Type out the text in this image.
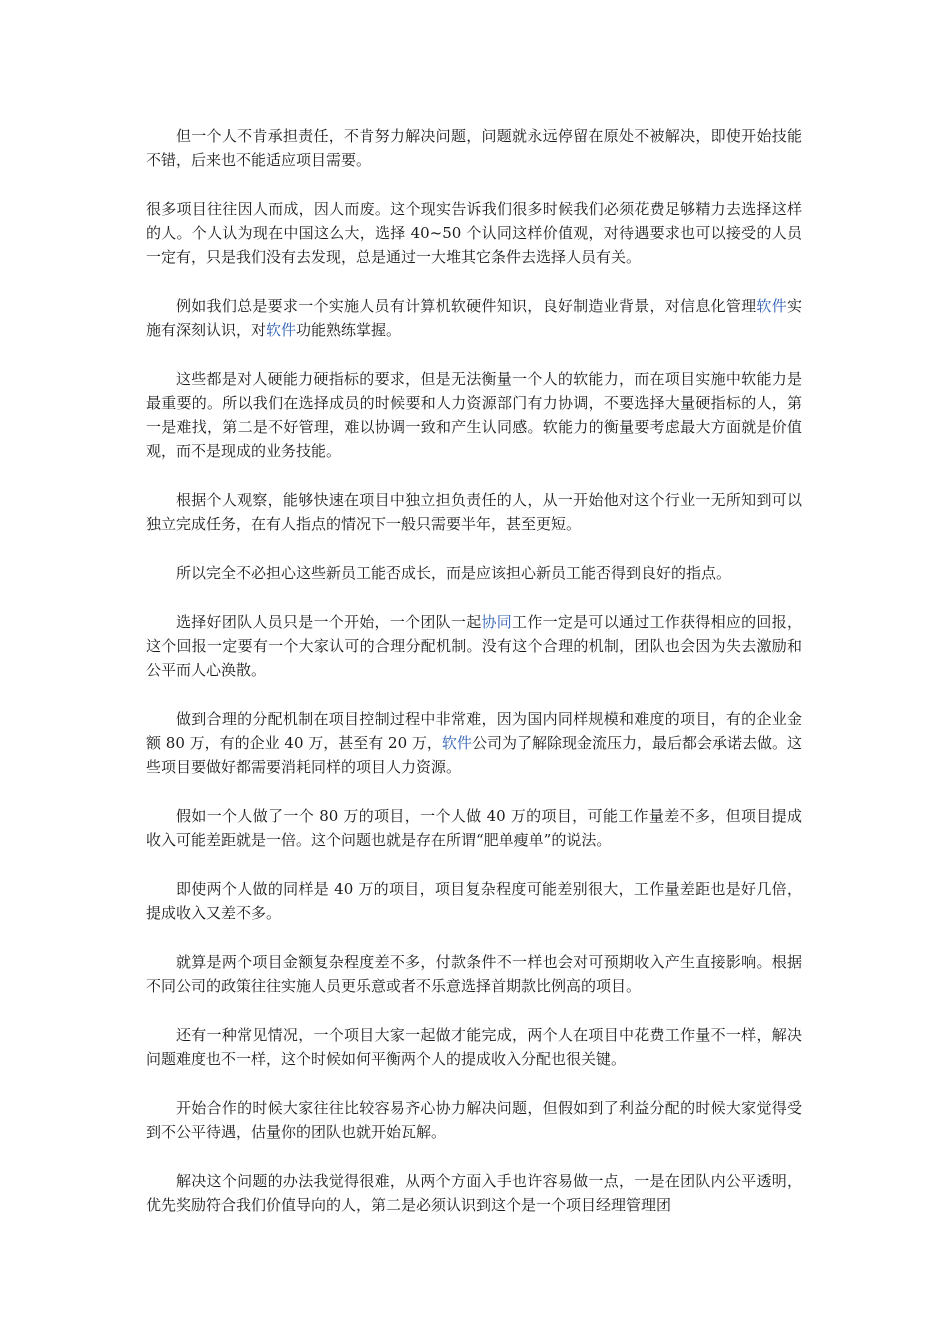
但一个人不肯承担责任，不肯努力解决问题，问题就永远停留在原处不被解决，即使开始技能不错，后来也不能适应项目需要。

很多项目往往因人而成，因人而废。这个现实告诉我们很多时候我们必须花费足够精力去选择这样的人。个人认为现在中国这么大，选择 40~50 个认同这样价值观，对待遇要求也可以接受的人员一定有，只是我们没有去发现，总是通过一大堆其它条件去选择人员有关。

例如我们总是要求一个实施人员有计算机软硬件知识，良好制造业背景，对信息化管理软件实施有深刻认识，对软件功能熟练掌握。

这些都是对人硬能力硬指标的要求，但是无法衡量一个人的软能力，而在项目实施中软能力是最重要的。所以我们在选择成员的时候要和人力资源部门有力协调，不要选择大量硬指标的人，第一是难找，第二是不好管理，难以协调一致和产生认同感。软能力的衡量要考虑最大方面就是价值观，而不是现成的业务技能。

根据个人观察，能够快速在项目中独立担负责任的人，从一开始他对这个行业一无所知到可以独立完成任务，在有人指点的情况下一般只需要半年，甚至更短。

所以完全不必担心这些新员工能否成长，而是应该担心新员工能否得到良好的指点。

选择好团队人员只是一个开始，一个团队一起协同工作一定是可以通过工作获得相应的回报，这个回报一定要有一个大家认可的合理分配机制。没有这个合理的机制，团队也会因为失去激励和公平而人心涣散。

做到合理的分配机制在项目控制过程中非常难，因为国内同样规模和难度的项目，有的企业金额 80 万，有的企业 40 万，甚至有 20 万，软件公司为了解除现金流压力，最后都会承诺去做。这些项目要做好都需要消耗同样的项目人力资源。

假如一个人做了一个 80 万的项目，一个人做 40 万的项目，可能工作量差不多，但项目提成收入可能差距就是一倍。这个问题也就是存在所谓“肥单瘦单”的说法。

即使两个人做的同样是 40 万的项目，项目复杂程度可能差别很大，工作量差距也是好几倍，提成收入又差不多。

就算是两个项目金额复杂程度差不多，付款条件不一样也会对可预期收入产生直接影响。根据不同公司的政策往往实施人员更乐意或者不乐意选择首期款比例高的项目。

还有一种常见情况，一个项目大家一起做才能完成，两个人在项目中花费工作量不一样，解决问题难度也不一样，这个时候如何平衡两个人的提成收入分配也很关键。

开始合作的时候大家往往比较容易齐心协力解决问题，但假如到了利益分配的时候大家觉得受到不公平待遇，估量你的团队也就开始瓦解。

解决这个问题的办法我觉得很难，从两个方面入手也许容易做一点，一是在团队内公平透明，优先奖励符合我们价值导向的人，第二是必须认识到这个是一个项目经理管理团
